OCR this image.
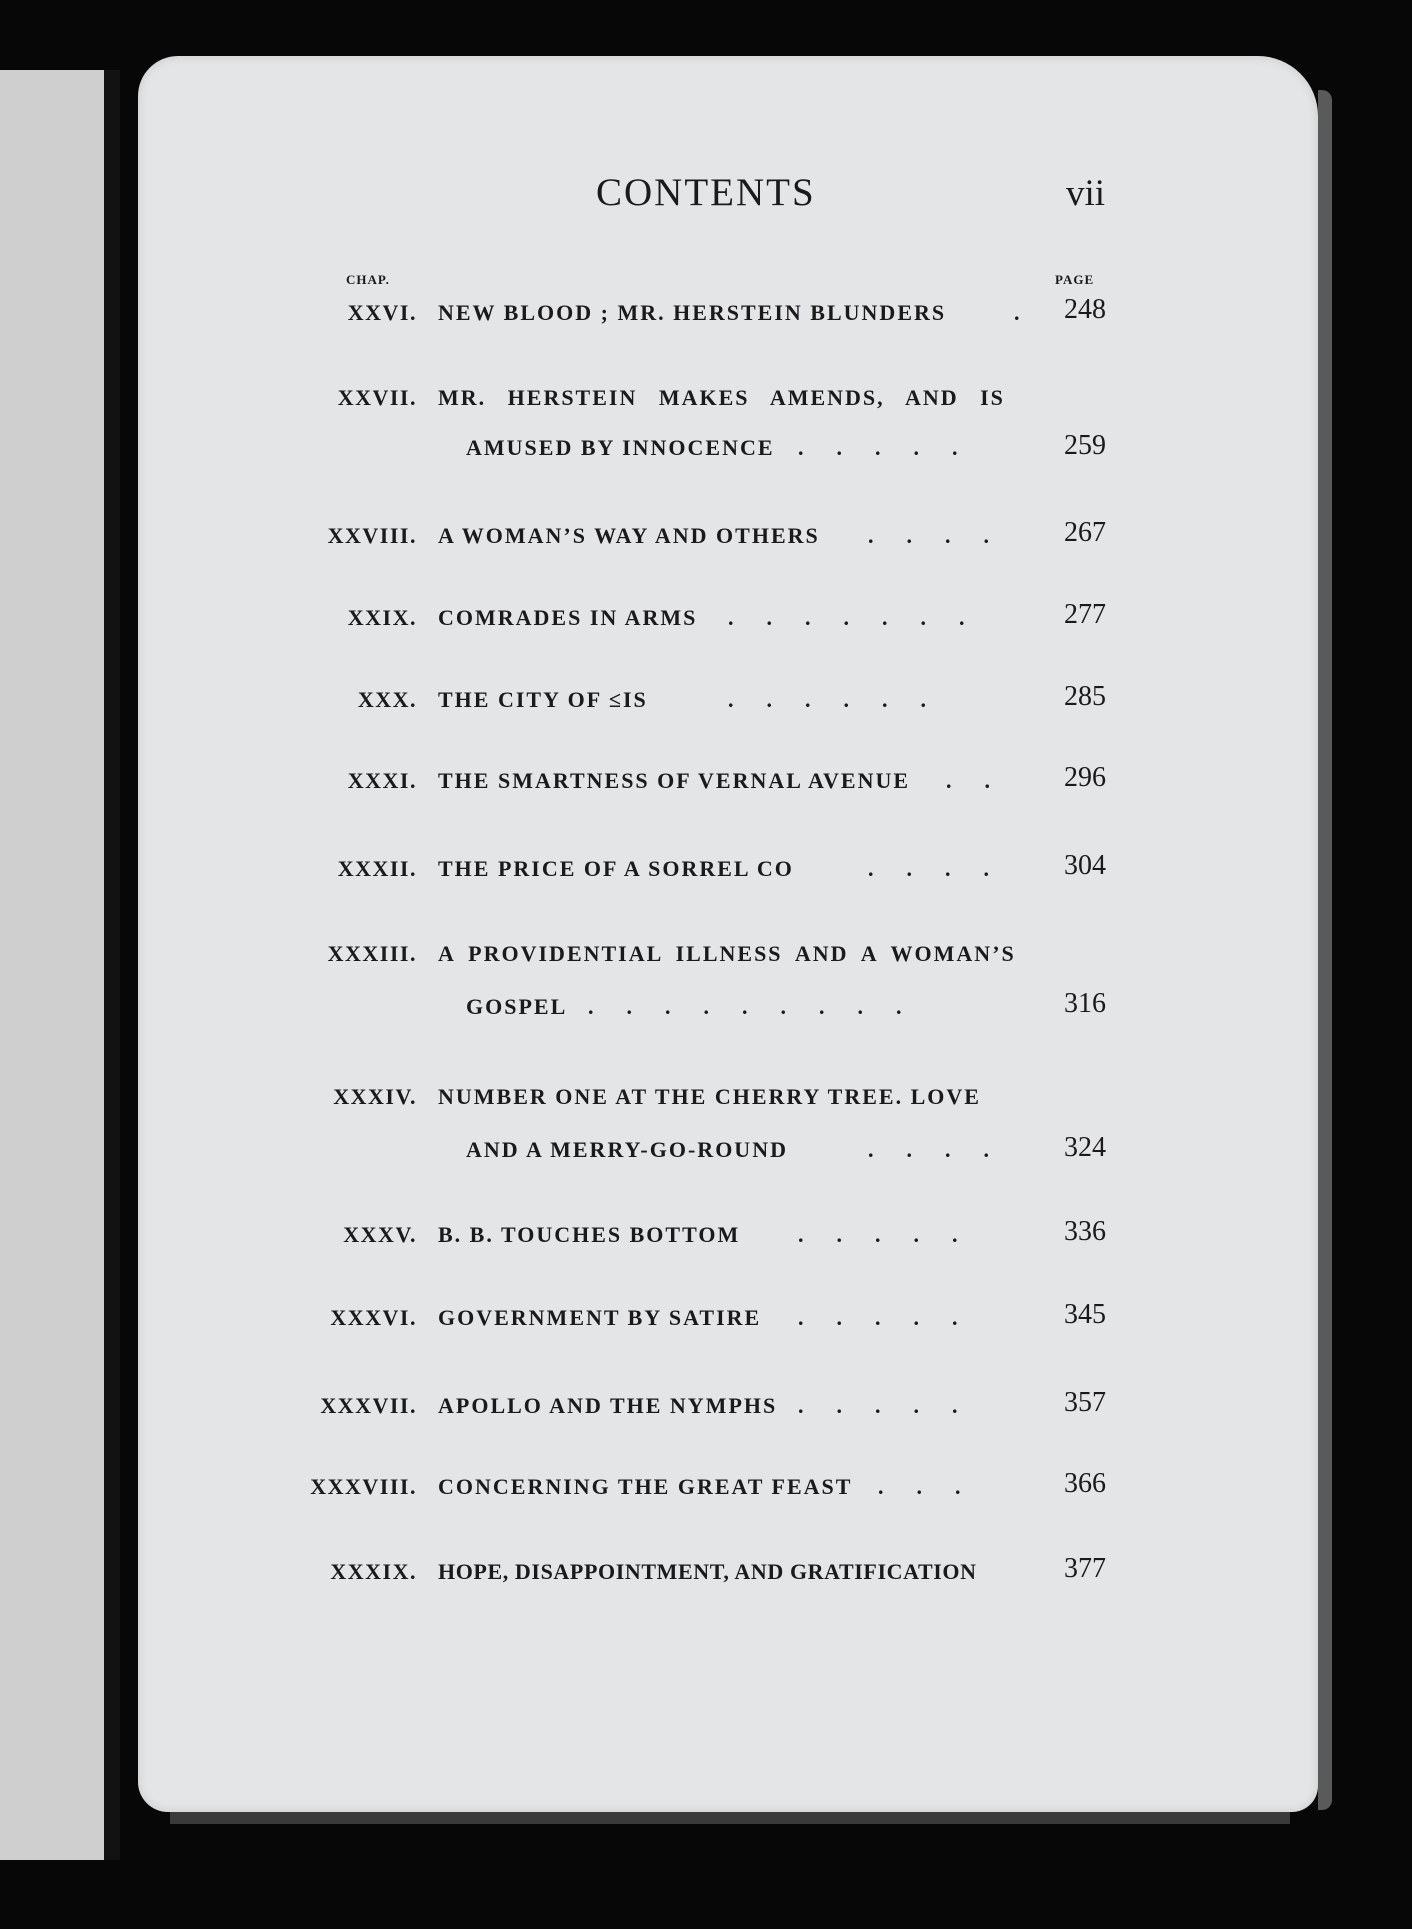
CONTENTS	vii
CHAP.	PAGE
XXVI. NEW BLOOD ; MR. HERSTEIN BLUNDERS	. 248
XXVII. MR. HERSTEIN MAKES AMENDS, AND IS
AMUSED BY INNOCENCE .      .      .      .      .	259
XXVIII. A WOMAN’S WAY AND OTHERS .      .      .      .	267
XXIX. COMRADES IN ARMS .      .      .      .      .      .      .	277
XXX. THE CITY OF ≤IS	.      .      .      .      .      .	285
XXXI. THE SMARTNESS OF VERNAL AVENUE .      .	296
XXXII. THE PRICE OF A SORREL CO	.      .      .      .	304
XXXIII. A PROVIDENTIAL ILLNESS AND A WOMAN’S
GOSPEL .      .      .      .      .      .      .      .      .	316
XXXIV. NUMBER ONE AT THE CHERRY TREE. LOVE
AND A MERRY-GO-ROUND	.      .      .      .	324
XXXV. B. B. TOUCHES BOTTOM	.      .      .      .      .	336
XXXVI. GOVERNMENT BY SATIRE .      .      .      .      .	345
XXXVII. APOLLO AND THE NYMPHS .      .      .      .      .	357
XXXVIII. CONCERNING THE GREAT FEAST .      .      .	366
XXXIX. HOPE, DISAPPOINTMENT, AND GRATIFICATION	377
